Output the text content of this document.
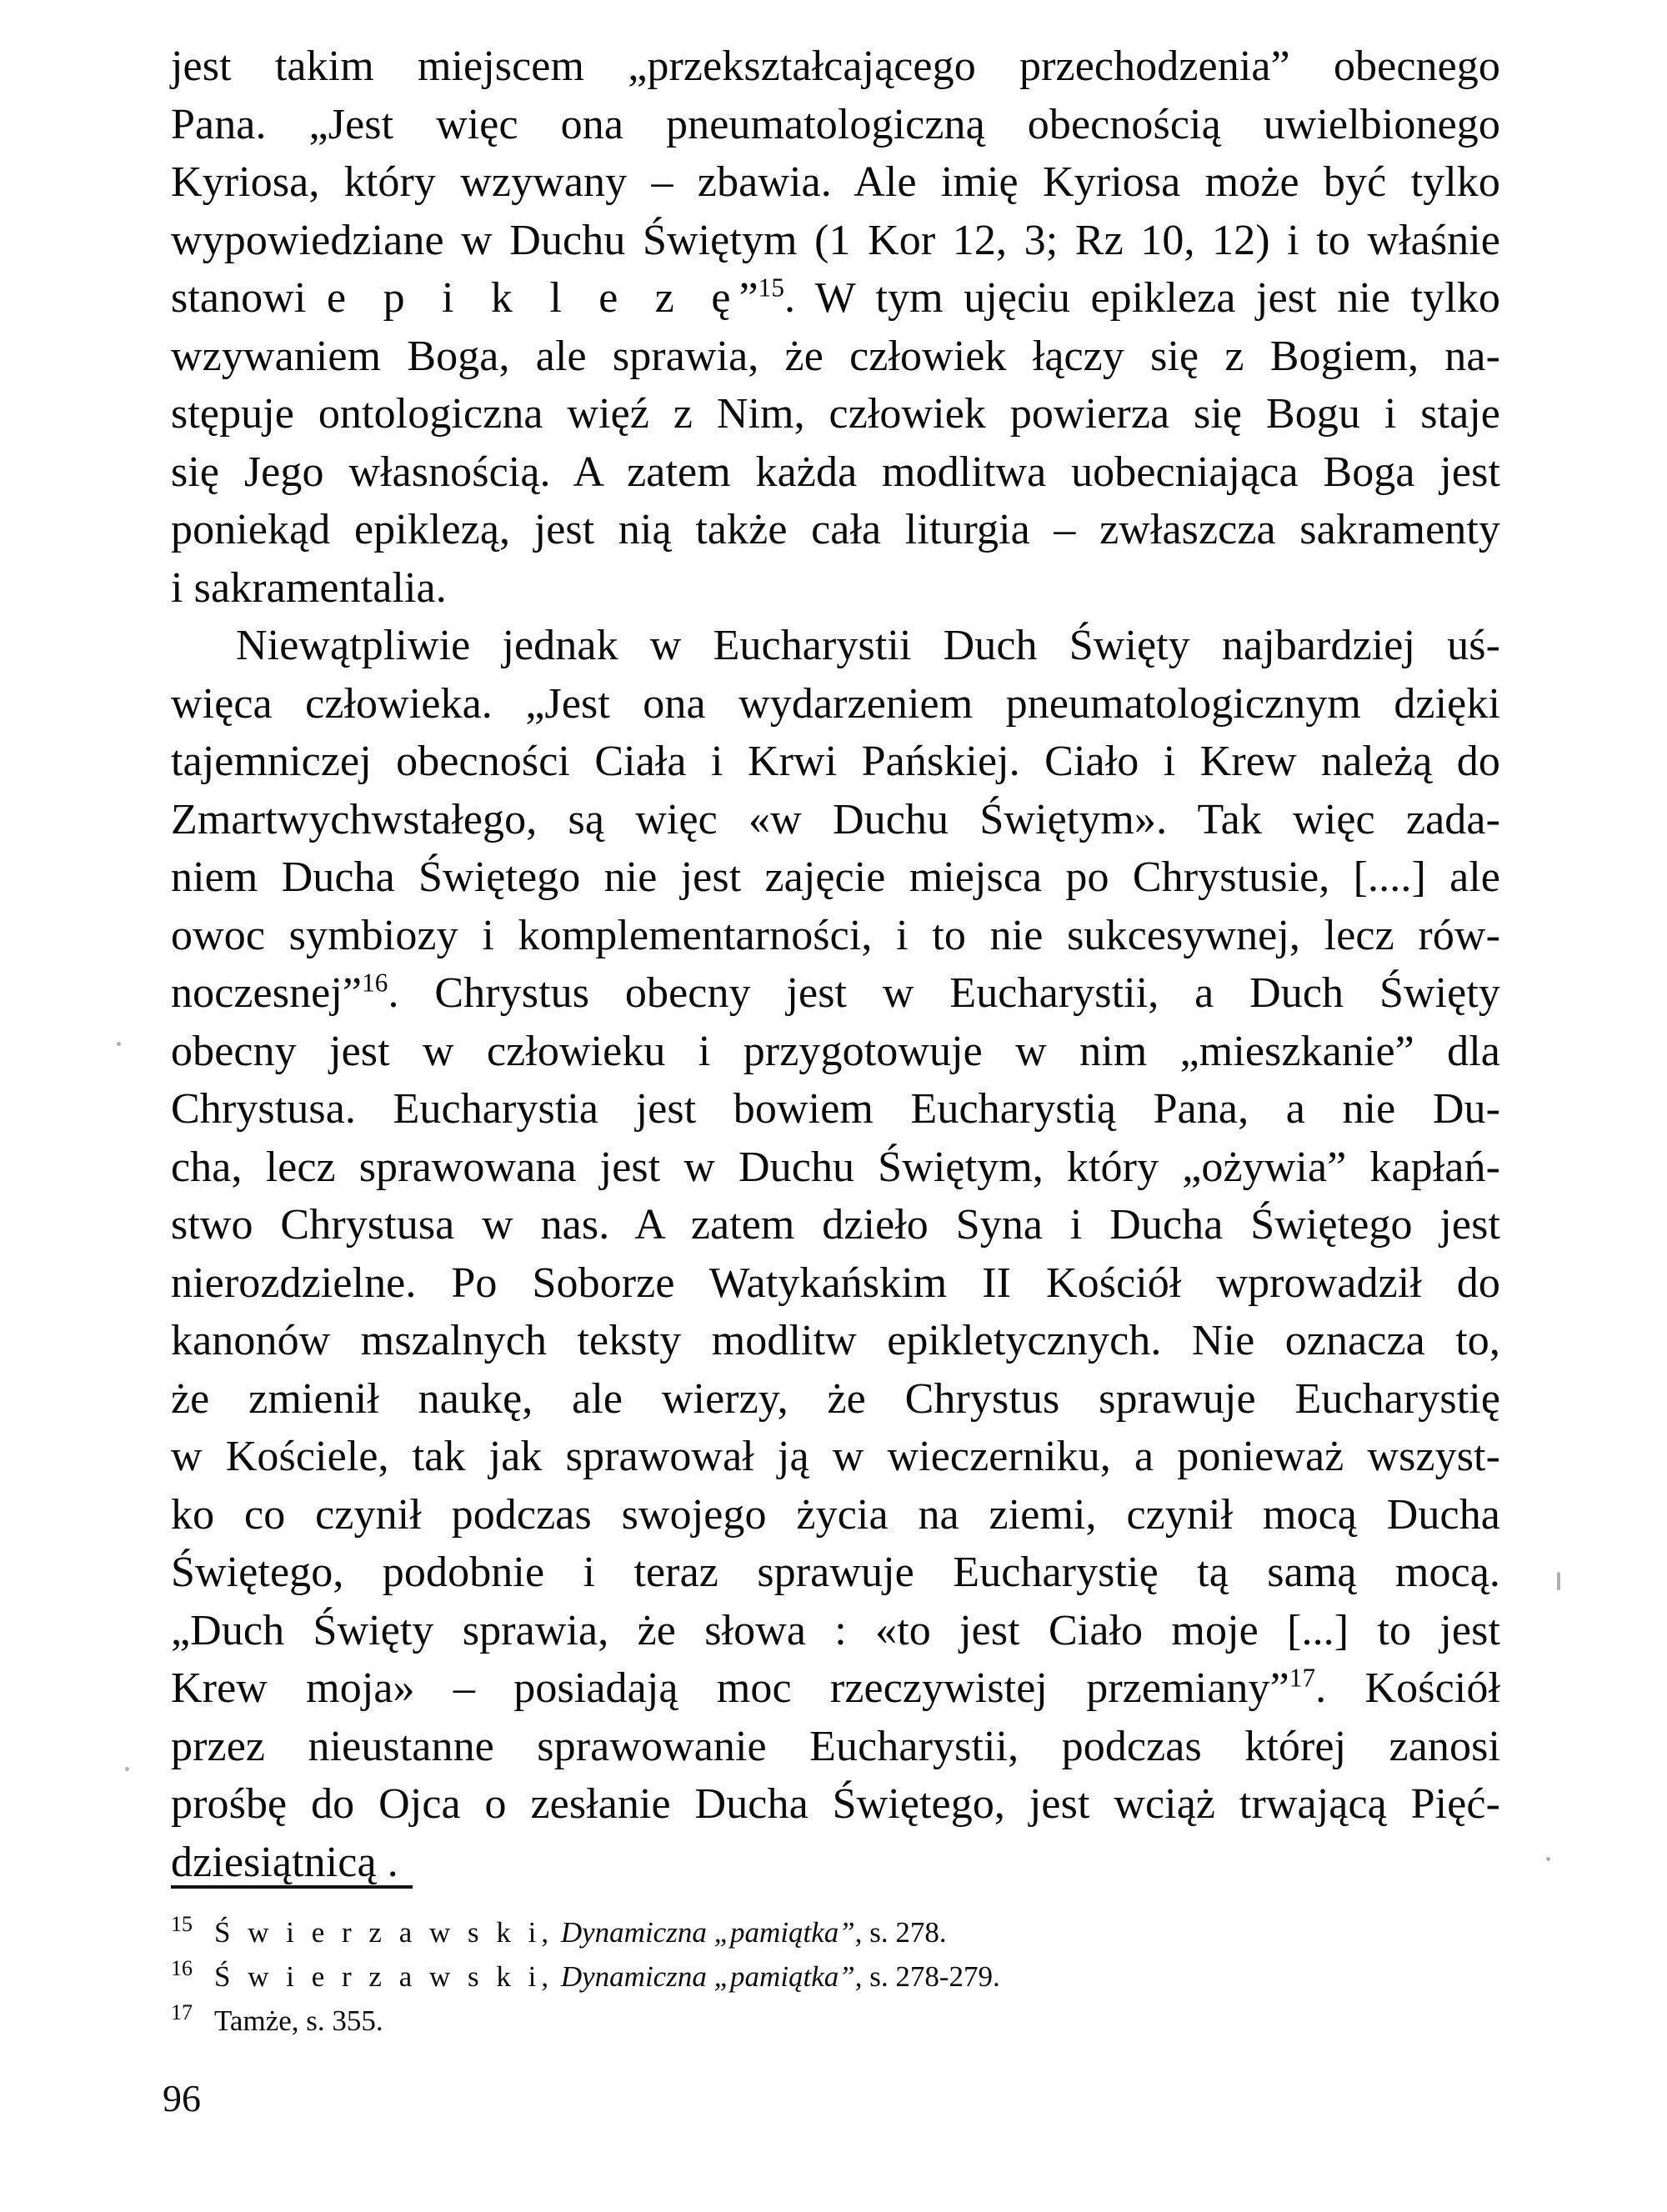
jest takim miejscem „przekształcającego przechodzenia” obecnego
Pana. „Jest więc ona pneumatologiczną obecnością uwielbionego
Kyriosa, który wzywany – zbawia. Ale imię Kyriosa może być tylko
wypowiedziane w Duchu Świętym (1 Kor 12, 3; Rz 10, 12) i to właśnie
stanowi e p i k l e z ę”$^{15}$. W tym ujęciu epikleza jest nie tylko
wzywaniem Boga, ale sprawia, że człowiek łączy się z Bogiem, na-
stępuje ontologiczna więź z Nim, człowiek powierza się Bogu i staje
się Jego własnością. A zatem każda modlitwa uobecniająca Boga jest
poniekąd epiklezą, jest nią także cała liturgia – zwłaszcza sakramenty
i sakramentalia.

Niewątpliwie jednak w Eucharystii Duch Święty najbardziej uś-
więca człowieka. „Jest ona wydarzeniem pneumatologicznym dzięki
tajemniczej obecności Ciała i Krwi Pańskiej. Ciało i Krew należą do
Zmartwychwstałego, są więc «w Duchu Świętym». Tak więc zada-
niem Ducha Świętego nie jest zajęcie miejsca po Chrystusie, [....] ale
owoc symbiozy i komplementarności, i to nie sukcesywnej, lecz rów-
noczesnej”$^{16}$. Chrystus obecny jest w Eucharystii, a Duch Święty
obecny jest w człowieku i przygotowuje w nim „mieszkanie” dla
Chrystusa. Eucharystia jest bowiem Eucharystią Pana, a nie Du-
cha, lecz sprawowana jest w Duchu Świętym, który „ożywia” kapłań-
stwo Chrystusa w nas. A zatem dzieło Syna i Ducha Świętego jest
nierozdzielne. Po Soborze Watykańskim II Kościół wprowadził do
kanonów mszalnych teksty modlitw epikletycznych. Nie oznacza to,
że zmienił naukę, ale wierzy, że Chrystus sprawuje Eucharystię
w Kościele, tak jak sprawował ją w wieczerniku, a ponieważ wszyst-
ko co czynił podczas swojego życia na ziemi, czynił mocą Ducha
Świętego, podobnie i teraz sprawuje Eucharystię tą samą mocą.
„Duch Święty sprawia, że słowa : «to jest Ciało moje [...] to jest
Krew moja» – posiadają moc rzeczywistej przemiany”$^{17}$. Kościół
przez nieustanne sprawowanie Eucharystii, podczas której zanosi
prośbę do Ojca o zesłanie Ducha Świętego, jest wciąż trwającą Pięć-
dziesiątnicą .

15 Ś w i e r z a w s k i, Dynamiczna „pamiątka”, s. 278.

16 Ś w i e r z a w s k i, Dynamiczna „pamiątka”, s. 278-279.

17 Tamże, s. 355.

96
